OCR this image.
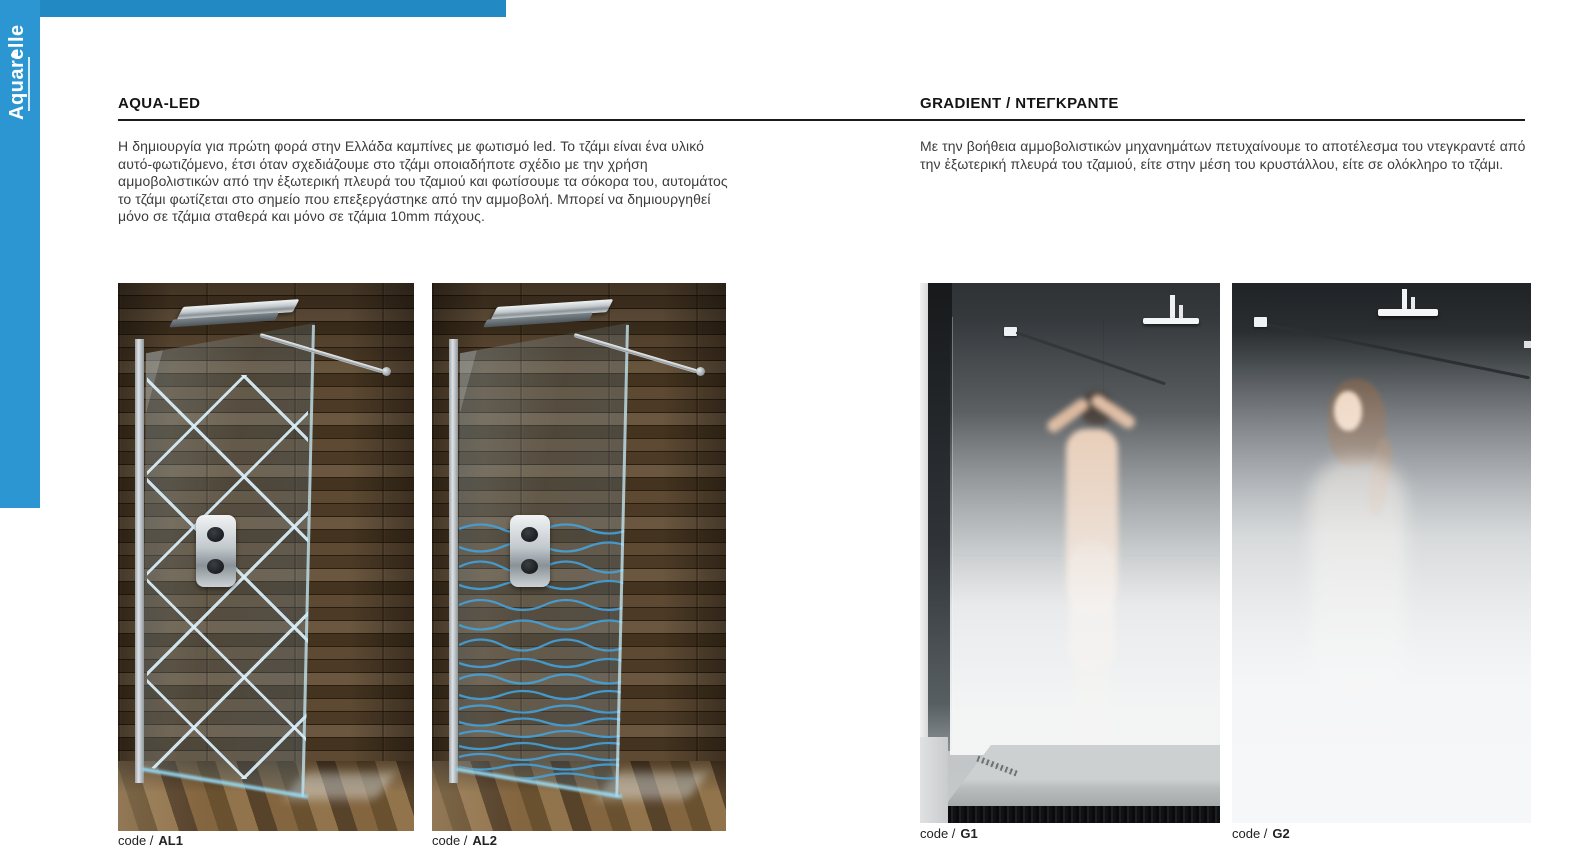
Aquarelle	AQUA-LED	GRADIENT / ΝΤΕΓΚΡΑΝΤΕ

Η δημιουργία για πρώτη φορά στην Ελλάδα καμπίνες με φωτισμό led. Το τζάμι είναι ένα υλικό αυτό-φωτιζόμενο, έτσι όταν σχεδιάζουμε στο τζάμι οποιαδήποτε σχέδιο με την χρήση αμμοβολιστικών από την ἐξωτερική πλευρά του τζαμιού και φωτίσουμε τα σόκορα του, αυτομάτος το τζάμι φωτίζεται στο σημείο που επεξεργάστηκε από την αμμοβολή. Μπορεί να δημιουργηθεί μόνο σε τζάμια σταθερά και μόνο σε τζάμια 10mm πάχους.

Με την βοήθεια αμμοβολιστικών μηχανημάτων πετυχαίνουμε το αποτέλεσμα του ντεγκραντέ από την ἐξωτερική πλευρά του τζαμιού, είτε στην μέση του κρυστάλλου, είτε σε ολόκληρο το τζάμι.

code / AL1	code / AL2	code / G1	code / G2
